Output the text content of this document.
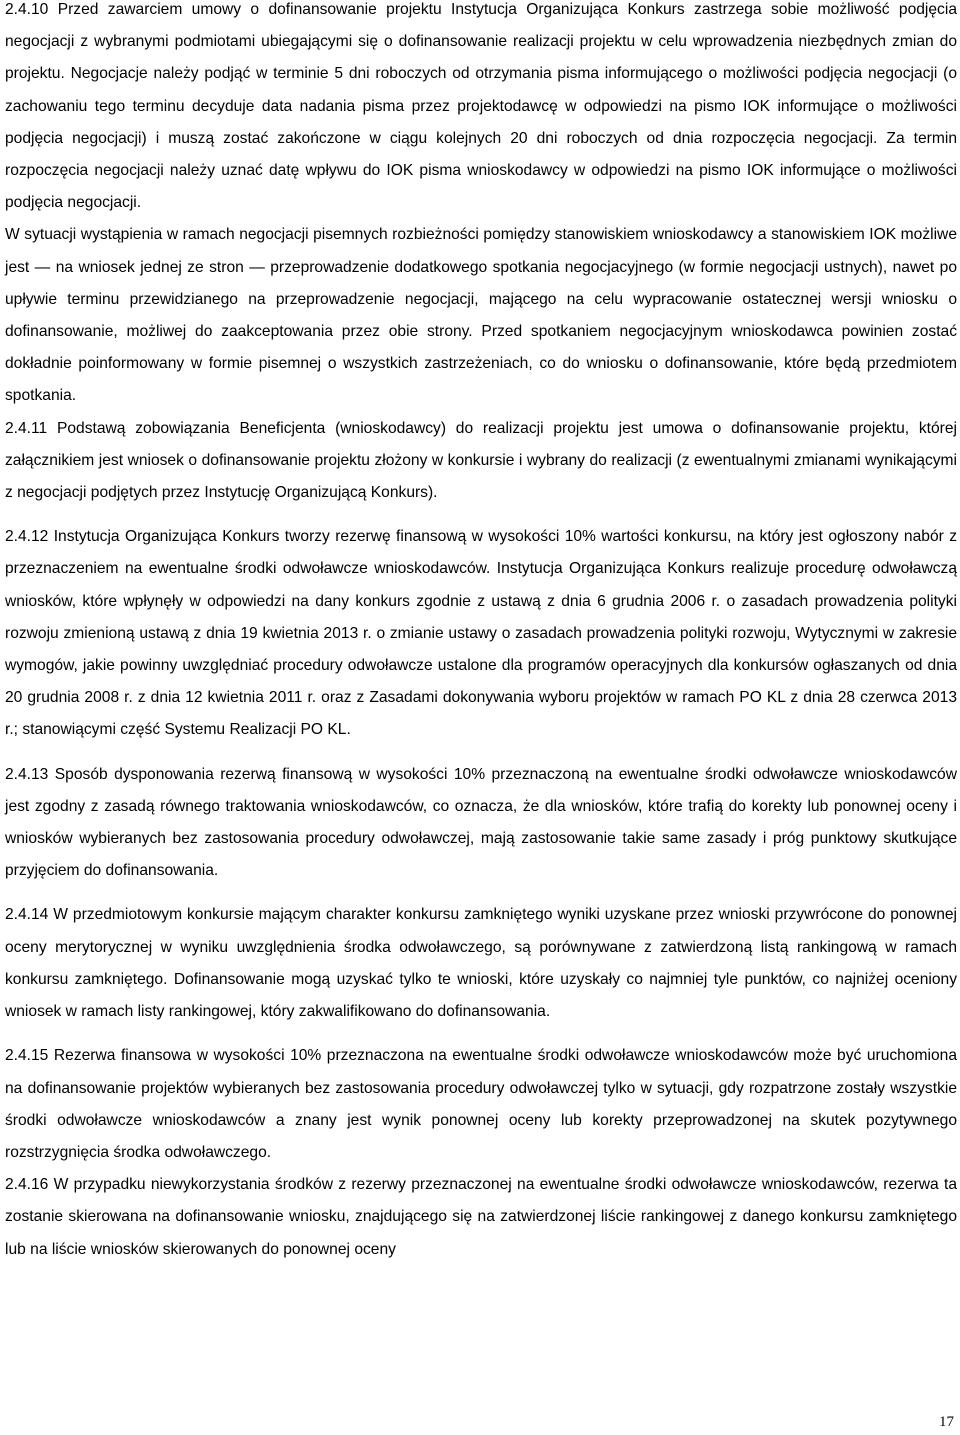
2.4.10 Przed zawarciem umowy o dofinansowanie projektu Instytucja Organizująca Konkurs zastrzega sobie możliwość podjęcia negocjacji z wybranymi podmiotami ubiegającymi się o dofinansowanie realizacji projektu w celu wprowadzenia niezbędnych zmian do projektu. Negocjacje należy podjąć w terminie 5 dni roboczych od otrzymania pisma informującego o możliwości podjęcia negocjacji (o zachowaniu tego terminu decyduje data nadania pisma przez projektodawcę w odpowiedzi na pismo IOK informujące o możliwości podjęcia negocjacji) i muszą zostać zakończone w ciągu kolejnych 20 dni roboczych od dnia rozpoczęcia negocjacji. Za termin rozpoczęcia negocjacji należy uznać datę wpływu do IOK pisma wnioskodawcy w odpowiedzi na pismo IOK informujące o możliwości podjęcia negocjacji.

W sytuacji wystąpienia w ramach negocjacji pisemnych rozbieżności pomiędzy stanowiskiem wnioskodawcy a stanowiskiem IOK możliwe jest — na wniosek jednej ze stron — przeprowadzenie dodatkowego spotkania negocjacyjnego (w formie negocjacji ustnych), nawet po upływie terminu przewidzianego na przeprowadzenie negocjacji, mającego na celu wypracowanie ostatecznej wersji wniosku o dofinansowanie, możliwej do zaakceptowania przez obie strony. Przed spotkaniem negocjacyjnym wnioskodawca powinien zostać dokładnie poinformowany w formie pisemnej o wszystkich zastrzeżeniach, co do wniosku o dofinansowanie, które będą przedmiotem spotkania.

2.4.11 Podstawą zobowiązania Beneficjenta (wnioskodawcy) do realizacji projektu jest umowa o dofinansowanie projektu, której załącznikiem jest wniosek o dofinansowanie projektu złożony w konkursie i wybrany do realizacji (z ewentualnymi zmianami wynikającymi z negocjacji podjętych przez Instytucję Organizującą Konkurs).

2.4.12 Instytucja Organizująca Konkurs tworzy rezerwę finansową w wysokości 10% wartości konkursu, na który jest ogłoszony nabór z przeznaczeniem na ewentualne środki odwoławcze wnioskodawców. Instytucja Organizująca Konkurs realizuje procedurę odwoławczą wniosków, które wpłynęły w odpowiedzi na dany konkurs zgodnie z ustawą z dnia 6 grudnia 2006 r. o zasadach prowadzenia polityki rozwoju zmienioną ustawą z dnia 19 kwietnia 2013 r. o zmianie ustawy o zasadach prowadzenia polityki rozwoju, Wytycznymi w zakresie wymogów, jakie powinny uwzględniać procedury odwoławcze ustalone dla programów operacyjnych dla konkursów ogłaszanych od dnia 20 grudnia 2008 r. z dnia 12 kwietnia 2011 r. oraz z Zasadami dokonywania wyboru projektów w ramach PO KL z dnia 28 czerwca 2013 r.; stanowiącymi część Systemu Realizacji PO KL.

2.4.13 Sposób dysponowania rezerwą finansową w wysokości 10% przeznaczoną na ewentualne środki odwoławcze wnioskodawców jest zgodny z zasadą równego traktowania wnioskodawców, co oznacza, że dla wniosków, które trafią do korekty lub ponownej oceny i wniosków wybieranych bez zastosowania procedury odwoławczej, mają zastosowanie takie same zasady i próg punktowy skutkujące przyjęciem do dofinansowania.

2.4.14 W przedmiotowym konkursie mającym charakter konkursu zamkniętego wyniki uzyskane przez wnioski przywrócone do ponownej oceny merytorycznej w wyniku uwzględnienia środka odwoławczego, są porównywane z zatwierdzoną listą rankingową w ramach konkursu zamkniętego. Dofinansowanie mogą uzyskać tylko te wnioski, które uzyskały co najmniej tyle punktów, co najniżej oceniony wniosek w ramach listy rankingowej, który zakwalifikowano do dofinansowania.

2.4.15 Rezerwa finansowa w wysokości 10% przeznaczona na ewentualne środki odwoławcze wnioskodawców może być uruchomiona na dofinansowanie projektów wybieranych bez zastosowania procedury odwoławczej tylko w sytuacji, gdy rozpatrzone zostały wszystkie środki odwoławcze wnioskodawców a znany jest wynik ponownej oceny lub korekty przeprowadzonej na skutek pozytywnego rozstrzygnięcia środka odwoławczego.

2.4.16 W przypadku niewykorzystania środków z rezerwy przeznaczonej na ewentualne środki odwoławcze wnioskodawców, rezerwa ta zostanie skierowana na dofinansowanie wniosku, znajdującego się na zatwierdzonej liście rankingowej z danego konkursu zamkniętego lub na liście wniosków skierowanych do ponownej oceny

17
